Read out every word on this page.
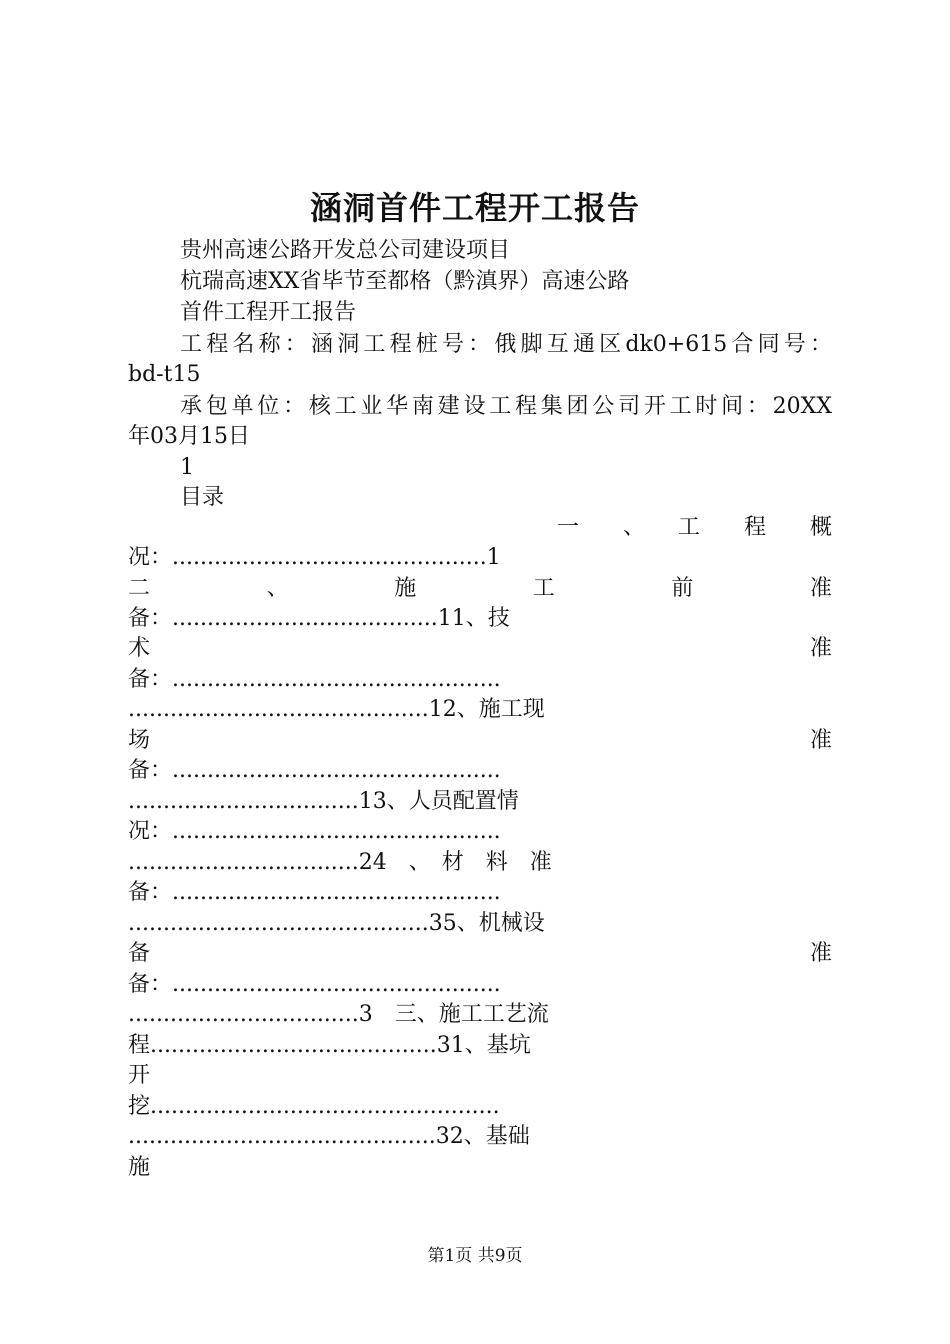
涵洞首件工程开工报告
贵州高速公路开发总公司建设项目
杭瑞高速XX省毕节至都格（黔滇界）高速公路
首件工程开工报告
工程名称：涵洞工程桩号：俄脚互通区dk0+615合同号：
bd-t15
承包单位：核工业华南建设工程集团公司开工时间：20XX
年03月15日
1
目录
一　　、　　工　　程　　概
况：.............................................1
二　　　、　　　施　　　工　　　前　　　准
备：......................................11、技
术　　　　　　　　　　　　　　　　　　　　　准
备：...............................................
...........................................12、施工现
场　　　　　　　　　　　　　　　　　　　　　准
备：...............................................
.................................13、人员配置情
况：...............................................
.................................24　、　材　料　准
备：...............................................
...........................................35、机械设
备　　　　　　　　　　　　　　　　　　　　　准
备：...............................................
.................................3　三、施工工艺流
程.........................................31、基坑
开
挖..................................................
............................................32、基础
施
第1页 共9页
